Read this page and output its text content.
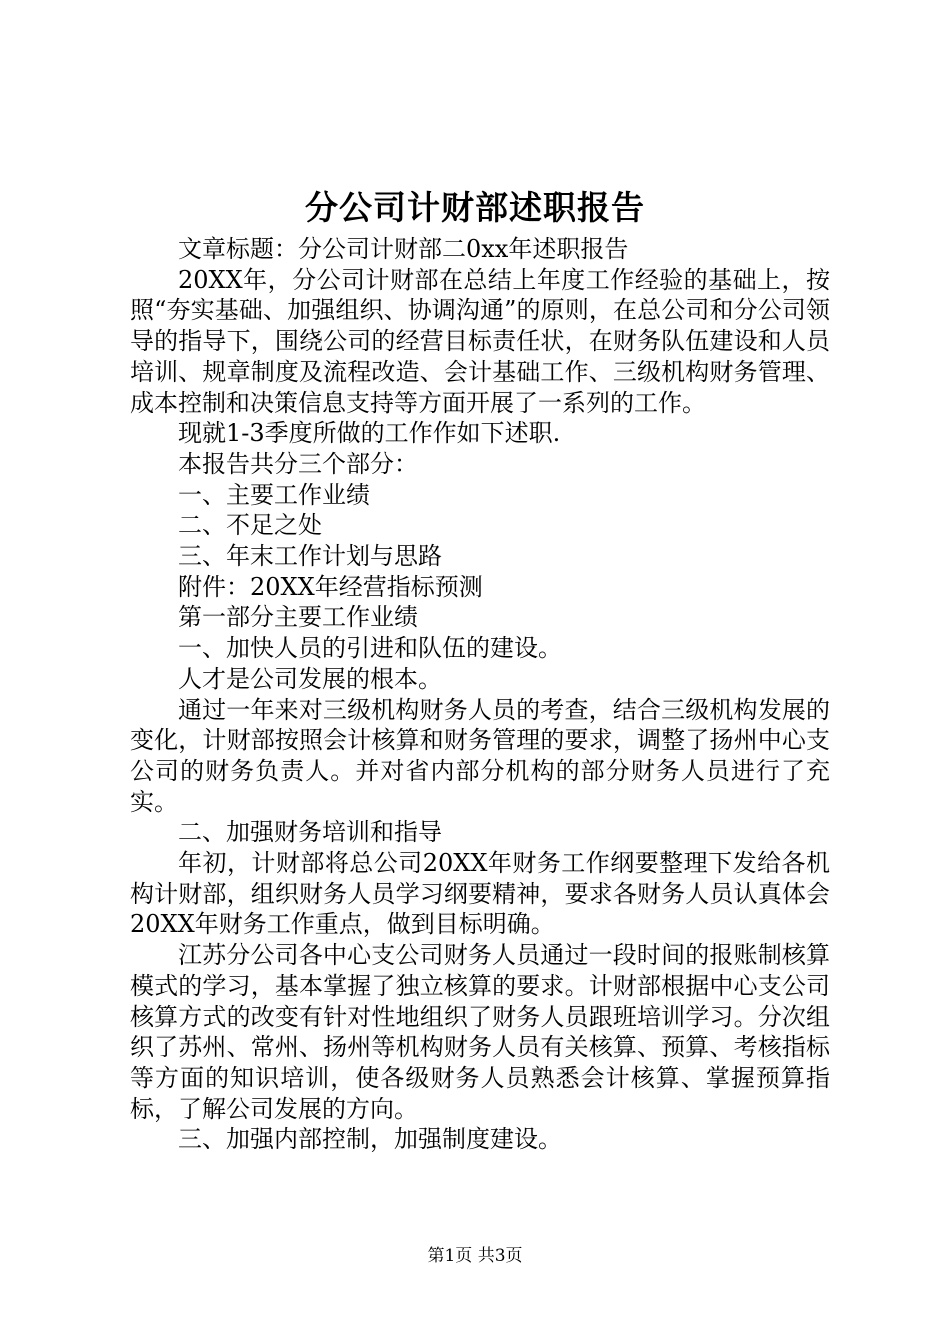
分公司计财部述职报告

文章标题：分公司计财部二0xx年述职报告

20XX年，分公司计财部在总结上年度工作经验的基础上，按照“夯实基础、加强组织、协调沟通”的原则，在总公司和分公司领导的指导下，围绕公司的经营目标责任状，在财务队伍建设和人员培训、规章制度及流程改造、会计基础工作、三级机构财务管理、成本控制和决策信息支持等方面开展了一系列的工作。

现就1-3季度所做的工作作如下述职.

本报告共分三个部分：

一、主要工作业绩

二、不足之处

三、年末工作计划与思路

附件：20XX年经营指标预测

第一部分主要工作业绩

一、加快人员的引进和队伍的建设。

人才是公司发展的根本。

通过一年来对三级机构财务人员的考查，结合三级机构发展的变化，计财部按照会计核算和财务管理的要求，调整了扬州中心支公司的财务负责人。并对省内部分机构的部分财务人员进行了充实。

二、加强财务培训和指导

年初，计财部将总公司20XX年财务工作纲要整理下发给各机构计财部，组织财务人员学习纲要精神，要求各财务人员认真体会20XX年财务工作重点，做到目标明确。

江苏分公司各中心支公司财务人员通过一段时间的报账制核算模式的学习，基本掌握了独立核算的要求。计财部根据中心支公司核算方式的改变有针对性地组织了财务人员跟班培训学习。分次组织了苏州、常州、扬州等机构财务人员有关核算、预算、考核指标等方面的知识培训，使各级财务人员熟悉会计核算、掌握预算指标，了解公司发展的方向。

三、加强内部控制，加强制度建设。

第1页 共3页
